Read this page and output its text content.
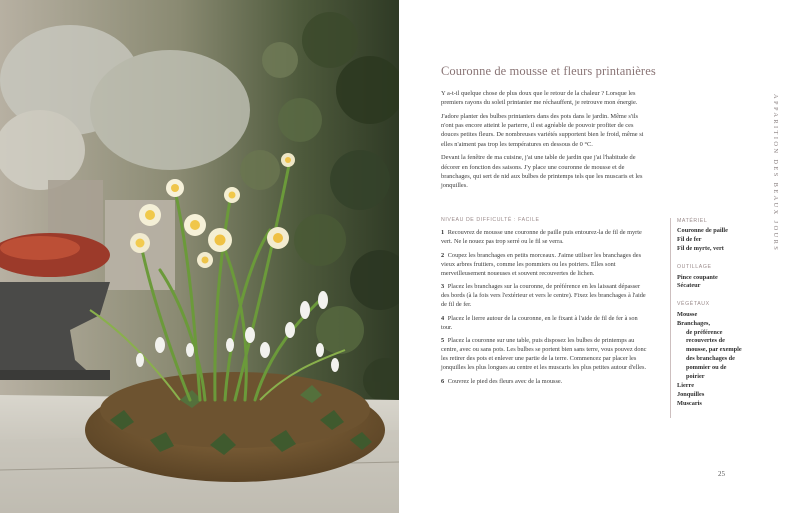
Couronne de mousse et fleurs printanières

Y a-t-il quelque chose de plus doux que le retour de la chaleur ? Lorsque les premiers rayons du soleil printanier me réchauffent, je retrouve mon énergie.

J'adore planter des bulbes printaniers dans des pots dans le jardin. Même s'ils n'ont pas encore atteint le parterre, il est agréable de pouvoir profiter de ces douces petites fleurs. De nombreuses variétés supportent bien le froid, même si elles n'aiment pas trop les températures en dessous de 0 °C.

Devant la fenêtre de ma cuisine, j'ai une table de jardin que j'ai l'habitude de décorer en fonction des saisons. J'y place une couronne de mousse et de branchages, qui sert de nid aux bulbes de printemps tels que les muscaris et les jonquilles.

NIVEAU DE DIFFICULTÉ : FACILE

1 Recouvrez de mousse une couronne de paille puis entourez-la de fil de myrte vert. Ne le nouez pas trop serré ou le fil se verra.

2 Coupez les branchages en petits morceaux. J'aime utiliser les branchages des vieux arbres fruitiers, comme les pommiers ou les poiriers. Elles sont merveilleusement noueuses et souvent recouvertes de lichen.

3 Placez les branchages sur la couronne, de préférence en les laissant dépasser des bords (à la fois vers l'extérieur et vers le centre). Fixez les branchages à l'aide de fil de fer.

4 Placez le lierre autour de la couronne, en le fixant à l'aide de fil de fer à son tour.

5 Placez la couronne sur une table, puis disposez les bulbes de printemps au centre, avec ou sans pots. Les bulbes se portent bien sans terre, vous pouvez donc les retirer des pots et enlever une partie de la terre. Commencez par placer les jonquilles les plus longues au centre et les muscaris les plus petites autour d'elles.

6 Couvrez le pied des fleurs avec de la mousse.

MATÉRIEL
Couronne de paille
Fil de fer
Fil de myrte, vert
OUTILLAGE
Pince coupante
Sécateur
VÉGÉTAUX
Mousse
Branchages,
de préférence
recouvertes de
mousse, par exemple
des branchages de
pommier ou de
poirier
Lierre
Jonquilles
Muscaris
APPARITION DES BEAUX JOURS
25
